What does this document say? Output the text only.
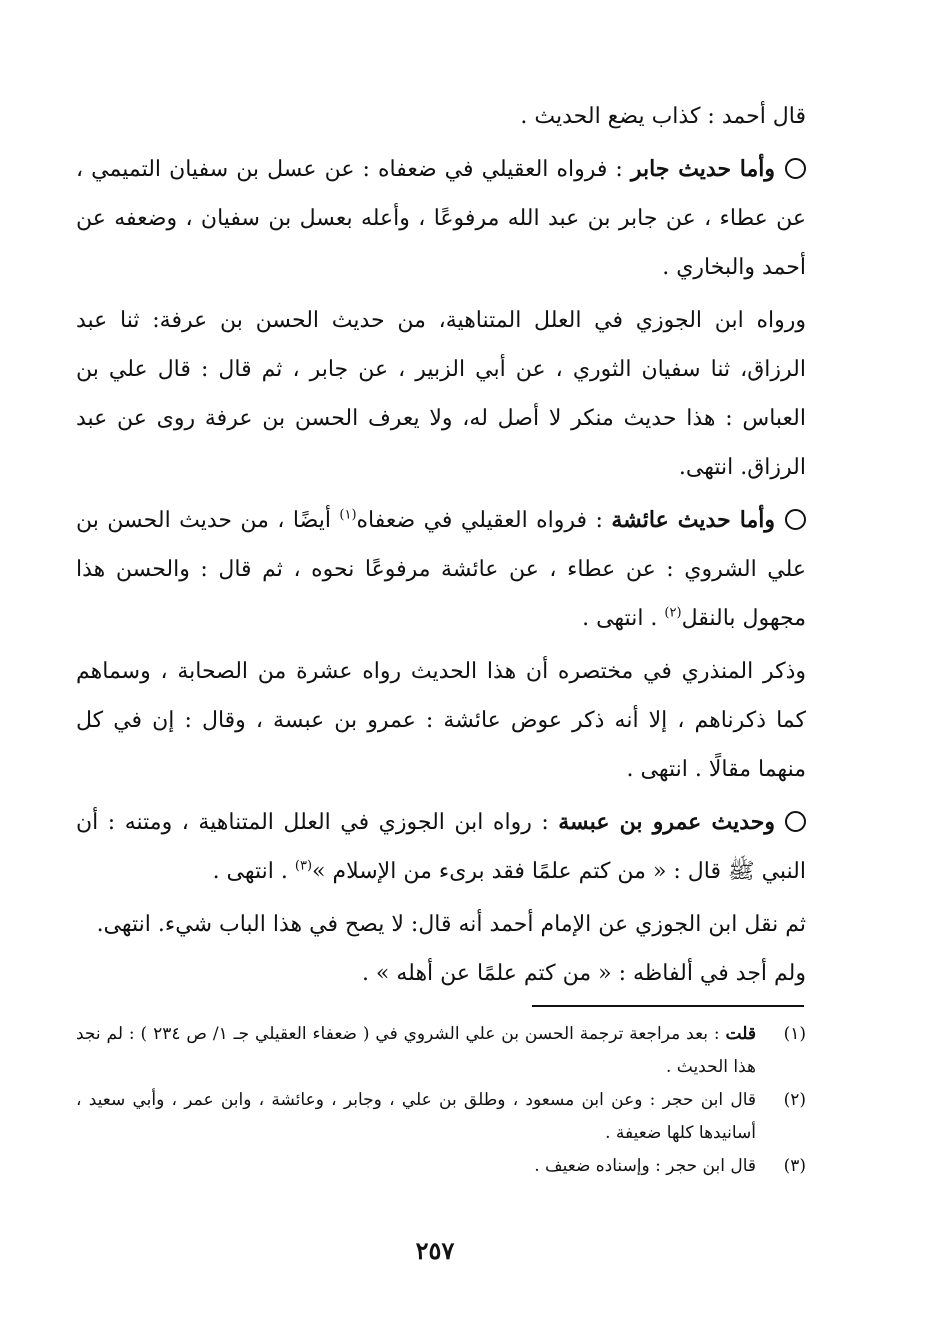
قال أحمد : كذاب يضع الحديث .
وأما حديث جابر : فرواه العقيلي في ضعفاه : عن عسل بن سفيان التميمي ، عن عطاء ، عن جابر بن عبد الله مرفوعًا ، وأعله بعسل بن سفيان ، وضعفه عن أحمد والبخاري .
ورواه ابن الجوزي في العلل المتناهية، من حديث الحسن بن عرفة: ثنا عبد الرزاق، ثنا سفيان الثوري ، عن أبي الزبير ، عن جابر ، ثم قال : قال علي بن العباس : هذا حديث منكر لا أصل له، ولا يعرف الحسن بن عرفة روى عن عبد الرزاق. انتهى.
وأما حديث عائشة : فرواه العقيلي في ضعفاه$^{(١)}$ أيضًا ، من حديث الحسن بن علي الشروي : عن عطاء ، عن عائشة مرفوعًا نحوه ، ثم قال : والحسن هذا مجهول بالنقل$^{(٢)}$ . انتهى .
وذكر المنذري في مختصره أن هذا الحديث رواه عشرة من الصحابة ، وسماهم كما ذكرناهم ، إلا أنه ذكر عوض عائشة : عمرو بن عبسة ، وقال : إن في كل منهما مقالًا . انتهى .
وحديث عمرو بن عبسة : رواه ابن الجوزي في العلل المتناهية ، ومتنه : أن النبي ﷺ قال : « من كتم علمًا فقد برىء من الإسلام »$^{(٣)}$ . انتهى .
ثم نقل ابن الجوزي عن الإمام أحمد أنه قال: لا يصح في هذا الباب شيء. انتهى.
ولم أجد في ألفاظه : « من كتم علمًا عن أهله » .
(١)
قلت : بعد مراجعة ترجمة الحسن بن علي الشروي في ( ضعفاء العقيلي جـ ١/ ص ٢٣٤ ) : لم نجد هذا الحديث .
(٢)
قال ابن حجر : وعن ابن مسعود ، وطلق بن علي ، وجابر ، وعائشة ، وابن عمر ، وأبي سعيد ، أسانيدها كلها ضعيفة .
(٣)
قال ابن حجر : وإسناده ضعيف .
٢٥٧
